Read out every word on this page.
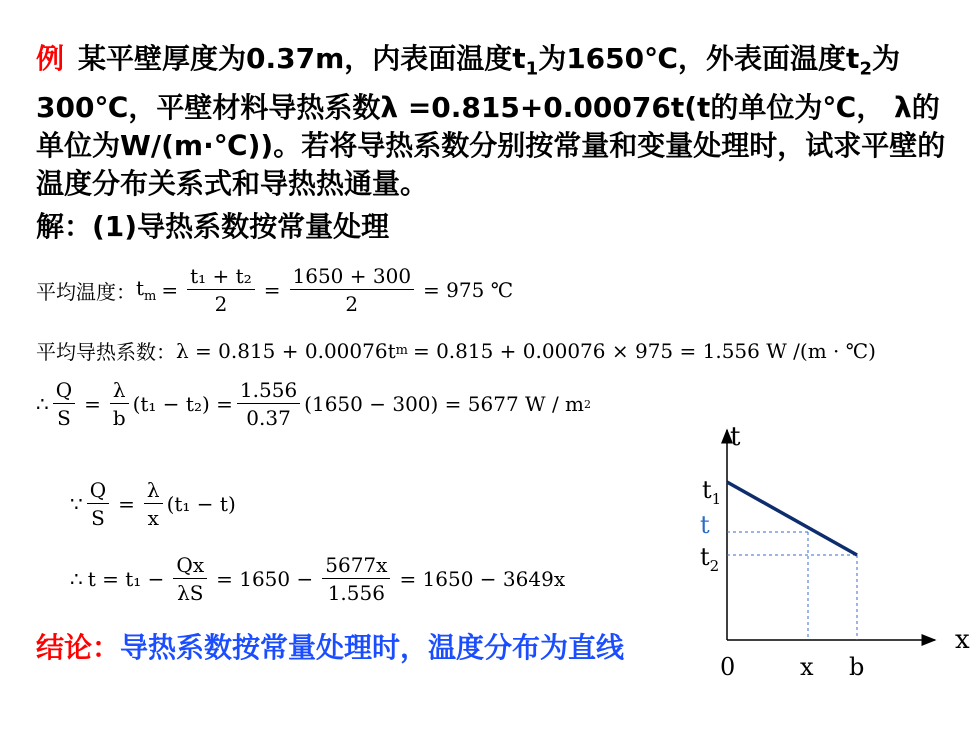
例 某平壁厚度为0.37m，内表面温度$t_1$为1650℃，外表面温度$t_2$为300℃，平壁材料导热系数λ =0.815+0.00076t(t的单位为℃， λ的单位为W/(m·℃))。若将导热系数分别按常量和变量处理时，试求平壁的温度分布关系式和导热热通量。
解：(1)导热系数按常量处理
平均温度： $t_m = \frac{\text{t₁ + t₂}}{2} = \frac{1650 + 300}{2} = 975$ ℃
平均导热系数： λ = 0.815 + 0.00076t m = 0.815 + 0.00076 × 975 = 1.556 W /(m · ℃)
∴ $\frac{Q}{S} = \frac{\lambda}{b} (t_1 - t_2) = \frac{1.556}{0.37} (1650 - 300) = 5677$ W / m 2
∵ $\frac{Q}{S} = \frac{\lambda}{x} (t_1 - t)$
∴ $t = t_1 - \frac{Qx}{\lambda S} = 1650 - \frac{5677x}{1.556} = 1650 - 3649x$
结论：导热系数按常量处理时，温度分布为直线
t
x
$t_1$
t
$t_2$
0	x b
